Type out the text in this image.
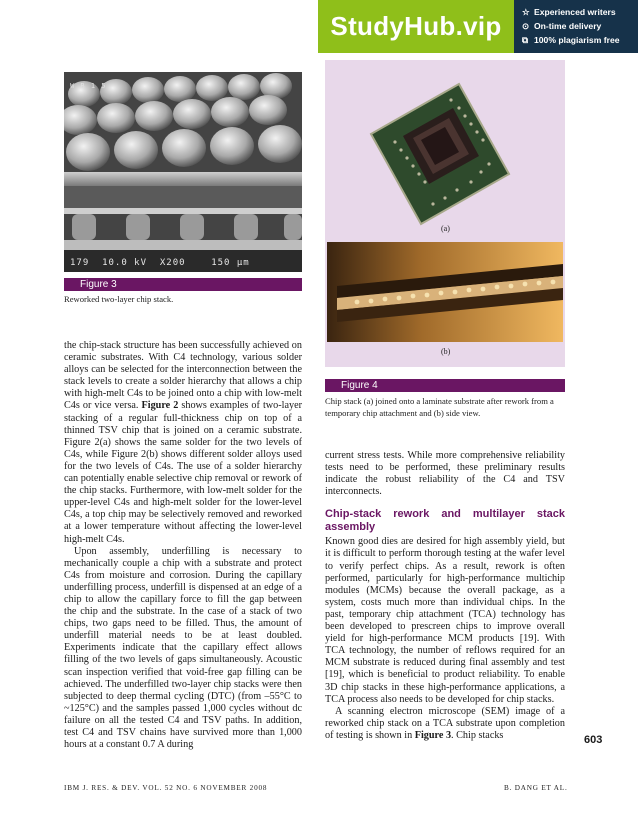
StudyHub.vip	☆ Experienced writers
⊙ On-time delivery
⧉ 100% plagiarism free
W B 1 5
179  10.0 kV  X200    150 µm
Figure 3
Reworked two-layer chip stack.
(a)
(b)
Figure 4
Chip stack (a) joined onto a laminate substrate after rework from a temporary chip attachment and (b) side view.

the chip-stack structure has been successfully achieved on ceramic substrates. With C4 technology, various solder alloys can be selected for the interconnection between the stack levels to create a solder hierarchy that allows a chip with high-melt C4s to be joined onto a chip with low-melt C4s or vice versa. Figure 2 shows examples of two-layer stacking of a regular full-thickness chip on top of a thinned TSV chip that is joined on a ceramic substrate. Figure 2(a) shows the same solder for the two levels of C4s, while Figure 2(b) shows different solder alloys used for the two levels of C4s. The use of a solder hierarchy can potentially enable selective chip removal or rework of the chip stacks. Furthermore, with low-melt solder for the upper-level C4s and high-melt solder for the lower-level C4s, a top chip may be selectively removed and reworked at a lower temperature without affecting the lower-level high-melt C4s.

Upon assembly, underfilling is necessary to mechanically couple a chip with a substrate and protect C4s from moisture and corrosion. During the capillary underfilling process, underfill is dispensed at an edge of a chip to allow the capillary force to fill the gap between the chip and the substrate. In the case of a stack of two chips, two gaps need to be filled. Thus, the amount of underfill material needs to be at least doubled. Experiments indicate that the capillary effect allows filling of the two levels of gaps simultaneously. Acoustic scan inspection verified that void-free gap filling can be achieved. The underfilled two-layer chip stacks were then subjected to deep thermal cycling (DTC) (from –55°C to ~125°C) and the samples passed 1,000 cycles without dc failure on all the tested C4 and TSV paths. In addition, test C4 and TSV chains have survived more than 1,000 hours at a constant 0.7 A during

current stress tests. While more comprehensive reliability tests need to be performed, these preliminary results indicate the robust reliability of the C4 and TSV interconnects.

Chip-stack rework and multilayer stack assembly

Known good dies are desired for high assembly yield, but it is difficult to perform thorough testing at the wafer level to verify perfect chips. As a result, rework is often performed, particularly for high-performance multichip modules (MCMs) because the overall package, as a system, costs much more than individual chips. In the past, temporary chip attachment (TCA) technology has been developed to prescreen chips to improve overall yield for high-performance MCM products [19]. With TCA technology, the number of reflows required for an MCM substrate is reduced during final assembly and test [19], which is beneficial to product reliability. To enable 3D chip stacks in these high-performance applications, a TCA process also needs to be developed for chip stacks.

A scanning electron microscope (SEM) image of a reworked chip stack on a TCA substrate upon completion of testing is shown in Figure 3. Chip stacks	603
IBM J. RES. & DEV. VOL. 52 NO. 6 NOVEMBER 2008	B. DANG ET AL.
